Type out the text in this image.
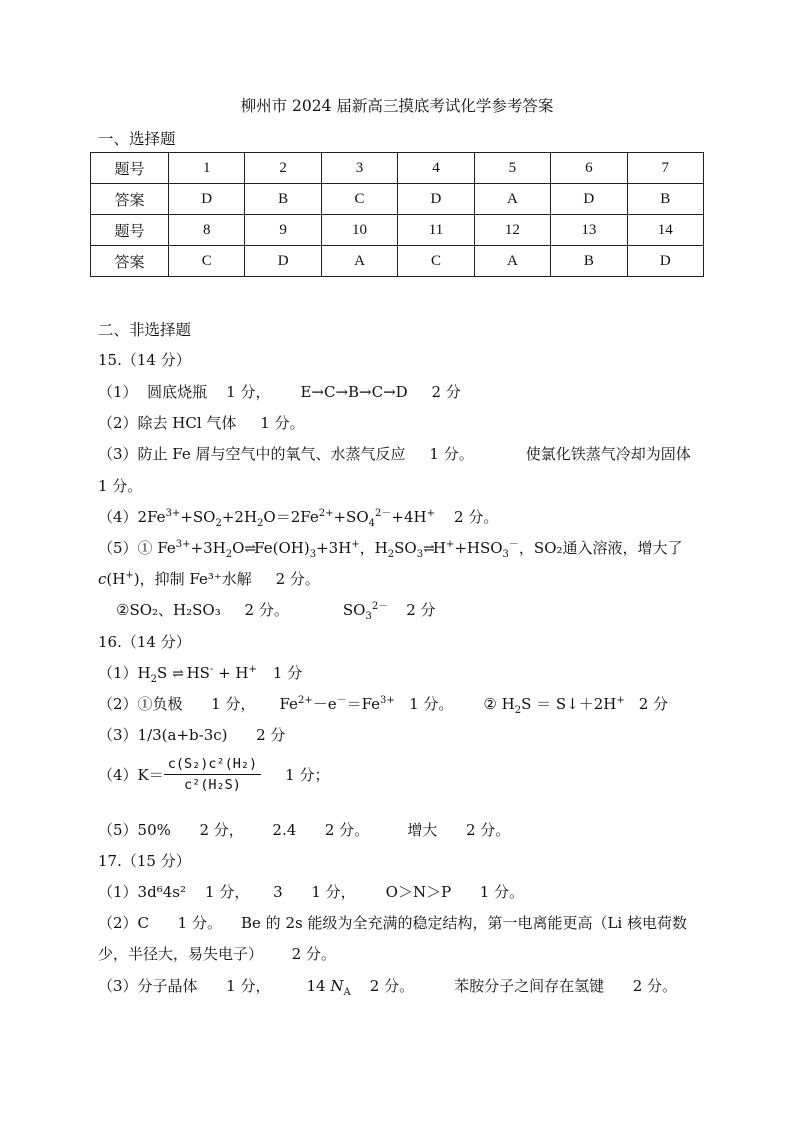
柳州市 2024 届新高三摸底考试化学参考答案
一、选择题
题号	1	2	3	4	5	6	7
答案	D	B	C	D	A	D	B
题号	8	9	10	11	12	13	14
答案	C	D	A	C	A	B	D
二、非选择题
15.（14 分）
（1）  圆底烧瓶    1 分， E→C→B→C→D     2 分
（2）除去 HCl 气体     1 分。
（3）防止 Fe 屑与空气中的氧气、水蒸气反应     1 分。	使氯化铁蒸气冷却为固体
1 分。
$(4)2Fe^{3+}+SO_2+2H_2O=2Fe^{2+}+SO_4^{2-}+4H^+$    2 分。
（5）① $Fe^{3+}+3H_2O\rightleftharpoons Fe(OH)_3+3H^+$，$H_2SO_3\rightleftharpoons H^++HSO_3^-$，SO₂通入溶液，增大了
c(H+)，抑制 Fe³⁺水解     2 分。
②SO₂、H₂SO₃     2 分。	$SO_3^{2-}$ 2 分
16.（14 分）
$(1)H_2S$ ⇌ HS- + H+ 1 分
（2）①负极      1 分， $Fe^{2+}-e^-=Fe^{3+}$   1 分。 ② $H_2S$ ＝ S↓＋2H+ 2 分
（3）1/3(a+b-3c)      2 分
$(4)K= \frac{\text{c(S₂)c²(H₂)}}{\text{c²(H₂S)}} 1$ 分；
（5）50%      2 分，      2.4      2 分。        增大      2 分。
17.（15 分）
（1）3d⁶4s²    1 分，     3      1 分， O＞N＞P      1 分。
（2）C      1 分。    Be 的 2s 能级为全充满的稳定结构，第一电离能更高（Li 核电荷数
少，半径大，易失电子）      2 分。
（3）分子晶体      1 分， 14 $N_A$    2 分。	苯胺分子之间存在氢键      2 分。
